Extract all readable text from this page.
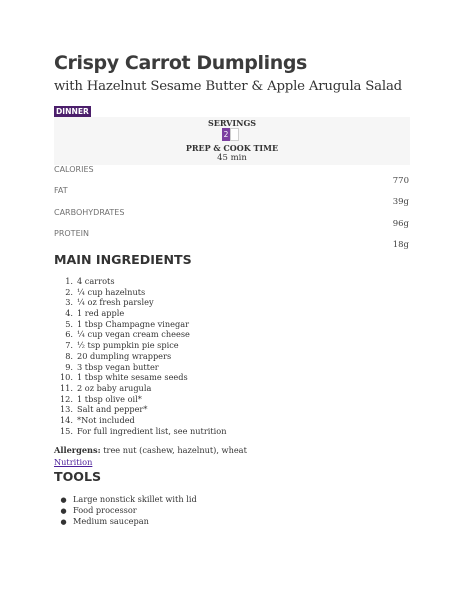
Crispy Carrot Dumplings
with Hazelnut Sesame Butter & Apple Arugula Salad
DINNER
SERVINGS
2
PREP & COOK TIME
45 min
CALORIES
770
FAT
39g
CARBOHYDRATES
96g
PROTEIN
18g
MAIN INGREDIENTS
1. 4 carrots
2. ¼ cup hazelnuts
3. ¼ oz fresh parsley
4. 1 red apple
5. 1 tbsp Champagne vinegar
6. ¼ cup vegan cream cheese
7. ½ tsp pumpkin pie spice
8. 20 dumpling wrappers
9. 3 tbsp vegan butter
10. 1 tbsp white sesame seeds
11. 2 oz baby arugula
12. 1 tbsp olive oil*
13. Salt and pepper*
14. *Not included
15. For full ingredient list, see nutrition
Allergens: tree nut (cashew, hazelnut), wheat
Nutrition
TOOLS
● Large nonstick skillet with lid
● Food processor
● Medium saucepan
